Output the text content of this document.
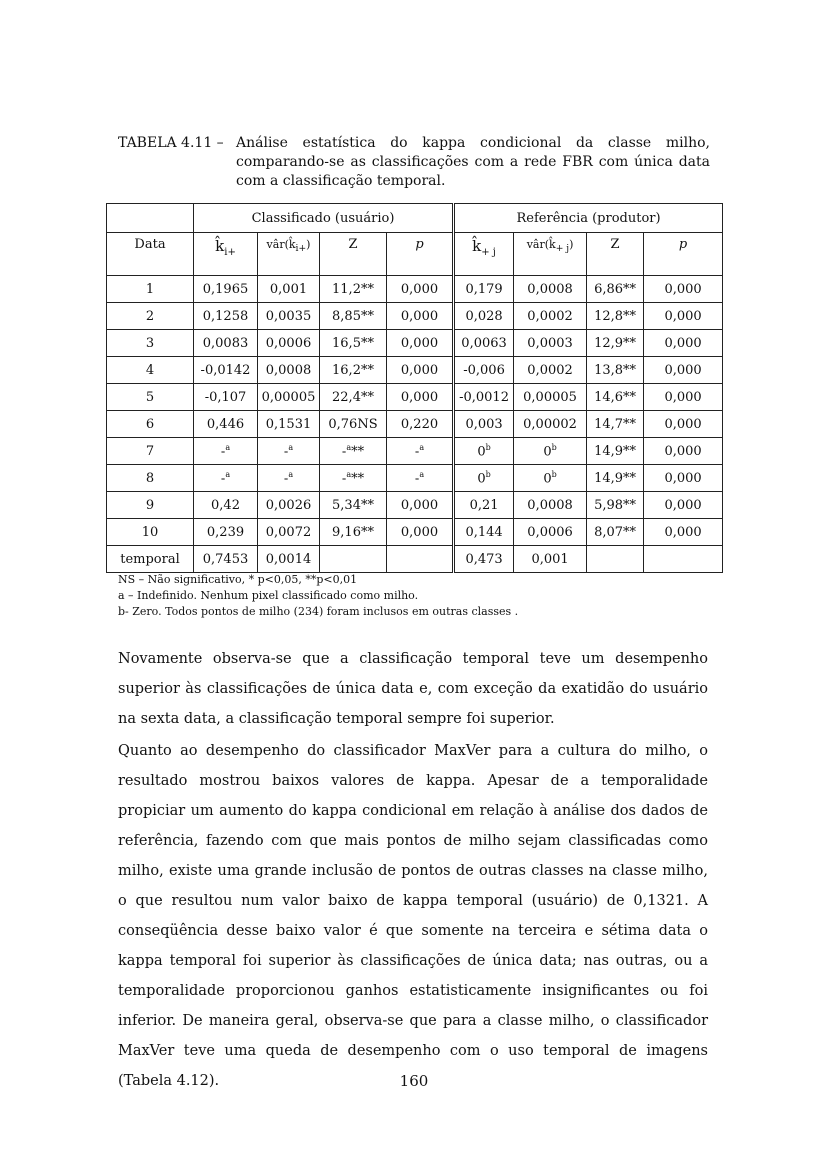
TABELA 4.11 – Análise estatística do kappa condicional da classe milho, comparando-se as classificações com a rede FBR com única data com a classificação temporal.
	Classificado (usuário)				Referência (produtor)			
Data	$k̂_{i+}$	$vâr(k̂_{i+})$	Z	p	$k̂_{+ j}$	$vâr(k̂_{+ j})$	Z	p
1	0,1965	0,001	11,2**	0,000	0,179	0,0008	6,86**	0,000
2	0,1258	0,0035	8,85**	0,000	0,028	0,0002	12,8**	0,000
3	0,0083	0,0006	16,5**	0,000	0,0063	0,0003	12,9**	0,000
4	-0,0142	0,0008	16,2**	0,000	-0,006	0,0002	13,8**	0,000
5	-0,107	0,00005	22,4**	0,000	-0,0012	0,00005	14,6**	0,000
6	0,446	0,1531	0,76NS	0,220	0,003	0,00002	14,7**	0,000
7	-$^a$	-$^a$	-$^a$**	-$^a$	0$^b$	0$^b$	14,9**	0,000
8	-$^a$	-$^a$	-$^a$**	-$^a$	0$^b$	0$^b$	14,9**	0,000
9	0,42	0,0026	5,34**	0,000	0,21	0,0008	5,98**	0,000
10	0,239	0,0072	9,16**	0,000	0,144	0,0006	8,07**	0,000
temporal	0,7453	0,0014			0,473	0,001		
NS – Não significativo, * p<0,05, **p<0,01
a – Indefinido. Nenhum pixel classificado como milho.
b- Zero. Todos pontos de milho (234) foram inclusos em outras classes .
Novamente observa-se que a classificação temporal teve um desempenho superior às classificações de única data e, com exceção da exatidão do usuário na sexta data, a classificação temporal sempre foi superior.
Quanto ao desempenho do classificador MaxVer para a cultura do milho, o resultado mostrou baixos valores de kappa. Apesar de a temporalidade propiciar um aumento do kappa condicional em relação à análise dos dados de referência, fazendo com que mais pontos de milho sejam classificadas como milho, existe uma grande inclusão de pontos de outras classes na classe milho, o que resultou num valor baixo de kappa temporal (usuário) de 0,1321. A conseqüência desse baixo valor é que somente na terceira e sétima data o kappa temporal foi superior às classificações de única data; nas outras, ou a temporalidade proporcionou ganhos estatisticamente insignificantes ou foi inferior. De maneira geral, observa-se que para a classe milho, o classificador MaxVer teve uma queda de desempenho com o uso temporal de imagens (Tabela 4.12).	160
